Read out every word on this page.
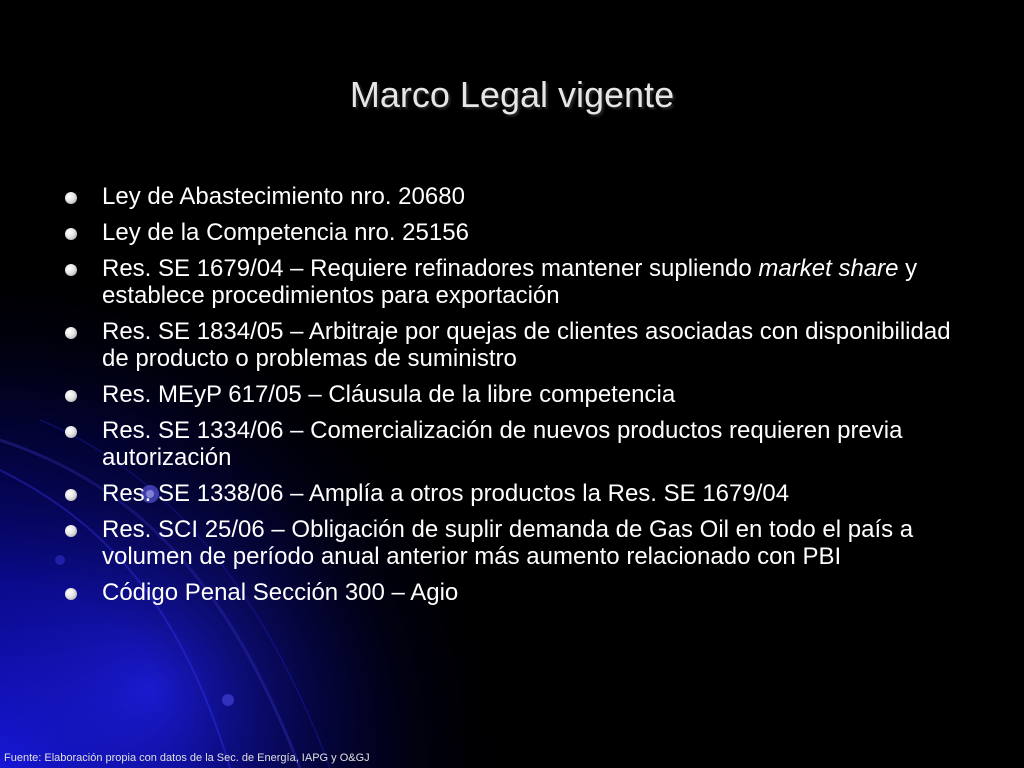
Marco Legal vigente
Ley de Abastecimiento nro. 20680
Ley de la Competencia nro. 25156
Res. SE 1679/04 – Requiere refinadores mantener supliendo market share y establece procedimientos para exportación
Res. SE 1834/05 – Arbitraje por quejas de clientes asociadas con disponibilidad de producto o problemas de suministro
Res. MEyP 617/05 – Cláusula de la libre competencia
Res. SE 1334/06 – Comercialización de nuevos productos requieren previa autorización
Res. SE 1338/06 – Amplía a otros productos la Res. SE 1679/04
Res. SCI 25/06 – Obligación de suplir demanda de Gas Oil en todo el país a volumen de período anual anterior más aumento relacionado con PBI
Código Penal Sección 300 – Agio
Fuente: Elaboración propia con datos de la Sec. de Energía, IAPG y O&GJ
